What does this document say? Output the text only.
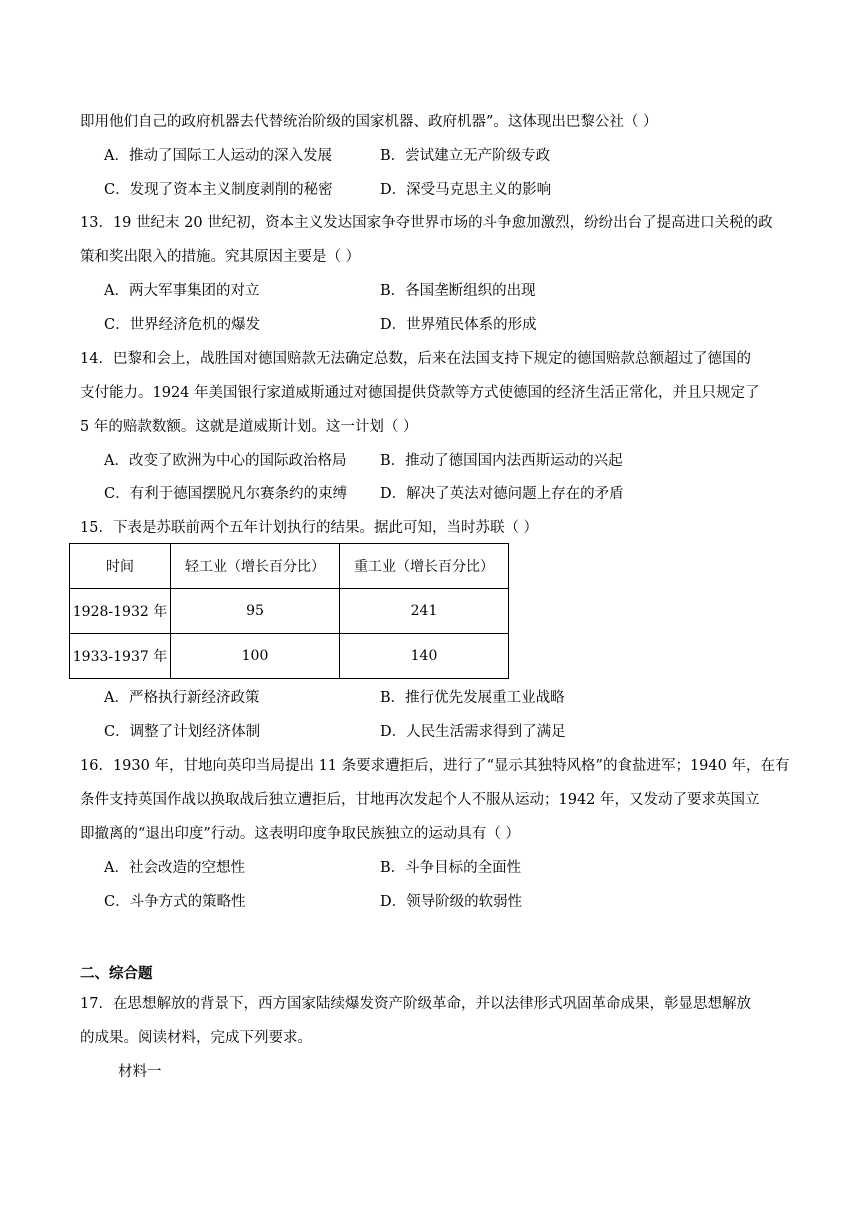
即用他们自己的政府机器去代替统治阶级的国家机器、政府机器”。这体现出巴黎公社（ ）
A．推动了国际工人运动的深入发展	B．尝试建立无产阶级专政
C．发现了资本主义制度剥削的秘密	D．深受马克思主义的影响
13．19 世纪末 20 世纪初，资本主义发达国家争夺世界市场的斗争愈加激烈，纷纷出台了提高进口关税的政
策和奖出限入的措施。究其原因主要是（ ）
A．两大军事集团的对立	B．各国垄断组织的出现
C．世界经济危机的爆发	D．世界殖民体系的形成
14．巴黎和会上，战胜国对德国赔款无法确定总数，后来在法国支持下规定的德国赔款总额超过了德国的
支付能力。1924 年美国银行家道威斯通过对德国提供贷款等方式使德国的经济生活正常化，并且只规定了
5 年的赔款数额。这就是道威斯计划。这一计划（ ）
A．改变了欧洲为中心的国际政治格局 B．推动了德国国内法西斯运动的兴起
C．有利于德国摆脱凡尔赛条约的束缚 D．解决了英法对德问题上存在的矛盾
15．下表是苏联前两个五年计划执行的结果。据此可知，当时苏联（ ）
时间	轻工业（增长百分比）	重工业（增长百分比）
1928-1932 年	95	241
1933-1937 年	100	140
A．严格执行新经济政策	B．推行优先发展重工业战略
C．调整了计划经济体制	D．人民生活需求得到了满足
16．1930 年，甘地向英印当局提出 11 条要求遭拒后，进行了“显示其独特风格”的食盐进军；1940 年，在有
条件支持英国作战以换取战后独立遭拒后，甘地再次发起个人不服从运动；1942 年，又发动了要求英国立
即撤离的“退出印度”行动。这表明印度争取民族独立的运动具有（ ）
A．社会改造的空想性	B．斗争目标的全面性
C．斗争方式的策略性	D．领导阶级的软弱性
二、综合题
17．在思想解放的背景下，西方国家陆续爆发资产阶级革命，并以法律形式巩固革命成果，彰显思想解放
的成果。阅读材料，完成下列要求。
材料一
